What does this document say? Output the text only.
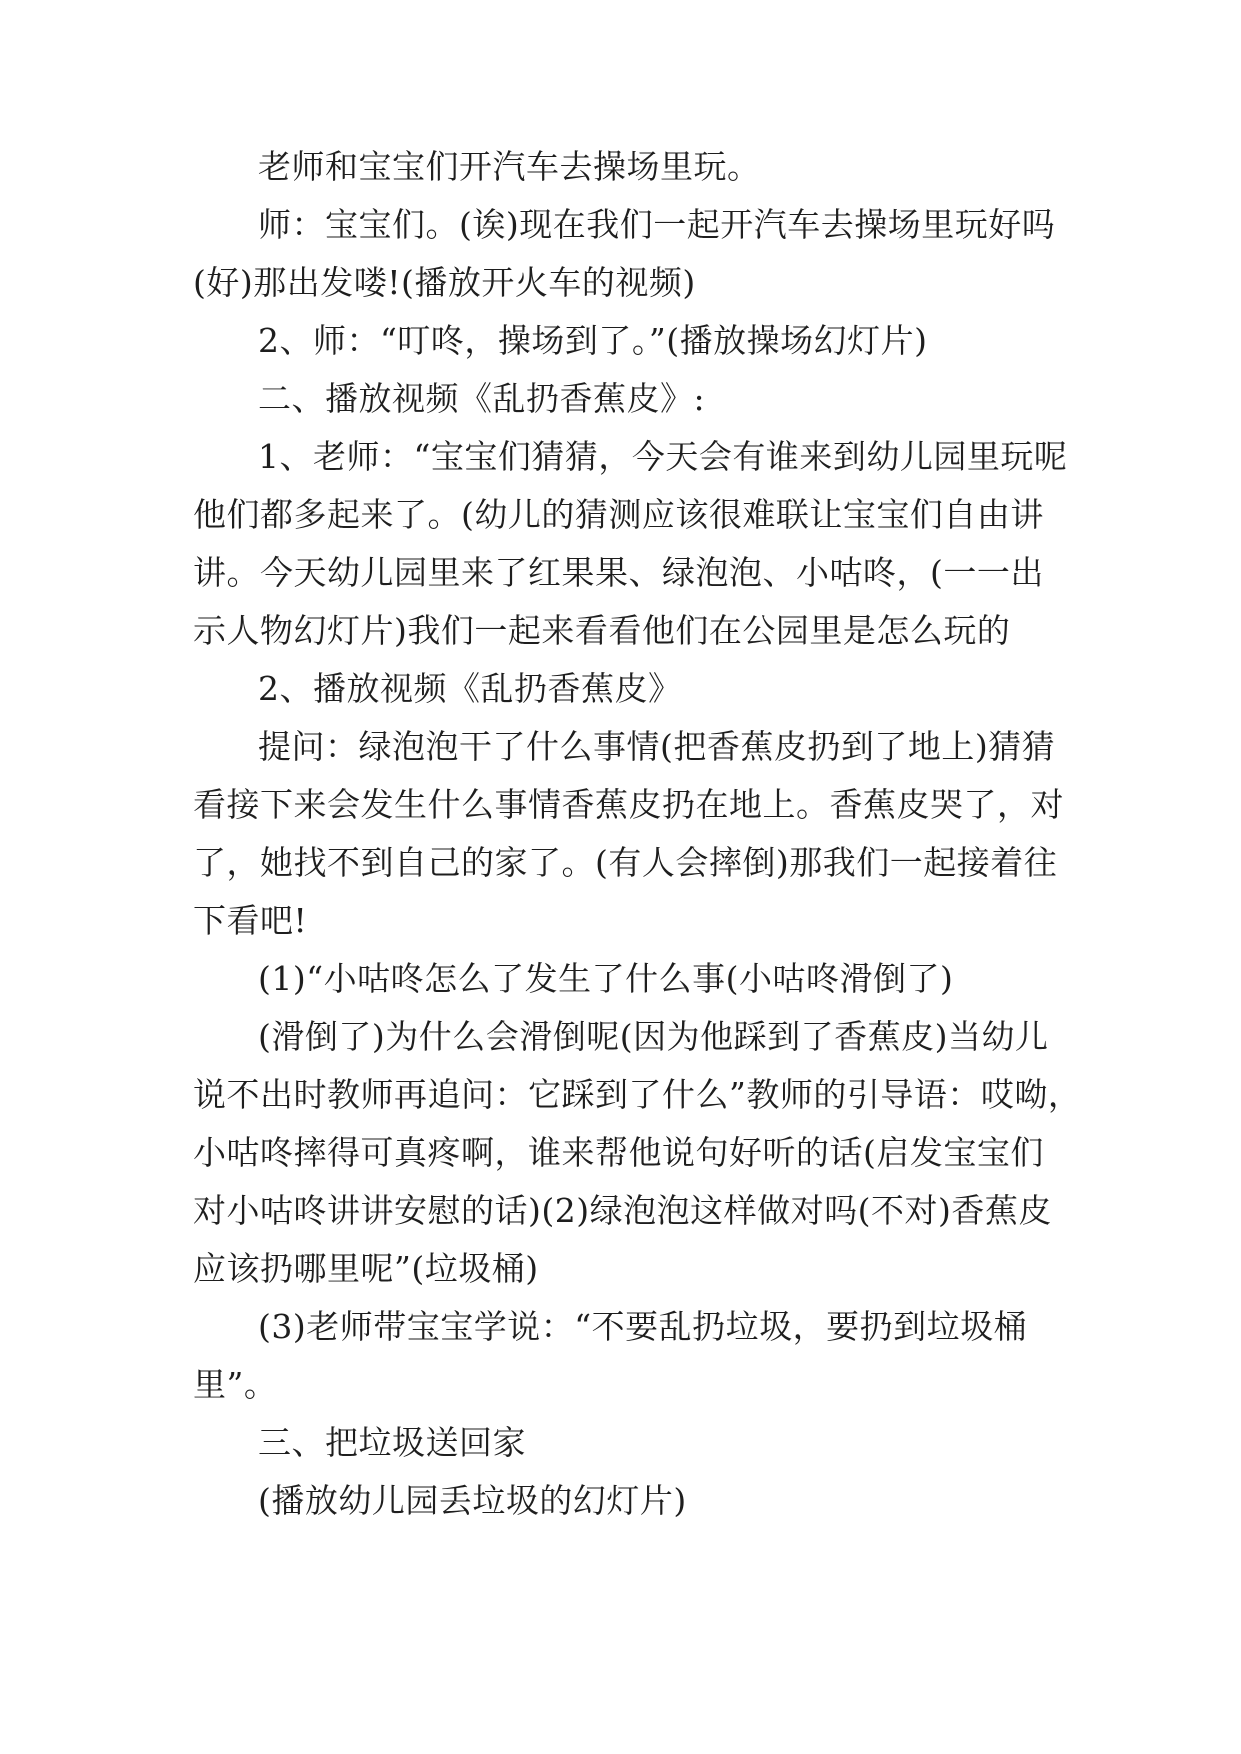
老师和宝宝们开汽车去操场里玩。

师：宝宝们。(诶)现在我们一起开汽车去操场里玩好吗

(好)那出发喽!(播放开火车的视频)

2、师：“叮咚，操场到了。”(播放操场幻灯片)

二、播放视频《乱扔香蕉皮》:

1、老师：“宝宝们猜猜，今天会有谁来到幼儿园里玩呢

他们都多起来了。(幼儿的猜测应该很难联让宝宝们自由讲

讲。今天幼儿园里来了红果果、绿泡泡、小咕咚，(一一出

示人物幻灯片)我们一起来看看他们在公园里是怎么玩的

2、播放视频《乱扔香蕉皮》

提问：绿泡泡干了什么事情(把香蕉皮扔到了地上)猜猜

看接下来会发生什么事情香蕉皮扔在地上。香蕉皮哭了，对

了，她找不到自己的家了。(有人会摔倒)那我们一起接着往

下看吧!

(1)“小咕咚怎么了发生了什么事(小咕咚滑倒了)

(滑倒了)为什么会滑倒呢(因为他踩到了香蕉皮)当幼儿

说不出时教师再追问：它踩到了什么”教师的引导语：哎呦，

小咕咚摔得可真疼啊，谁来帮他说句好听的话(启发宝宝们

对小咕咚讲讲安慰的话)(2)绿泡泡这样做对吗(不对)香蕉皮

应该扔哪里呢”(垃圾桶)

(3)老师带宝宝学说：“不要乱扔垃圾，要扔到垃圾桶

里”。

三、把垃圾送回家

(播放幼儿园丢垃圾的幻灯片)
